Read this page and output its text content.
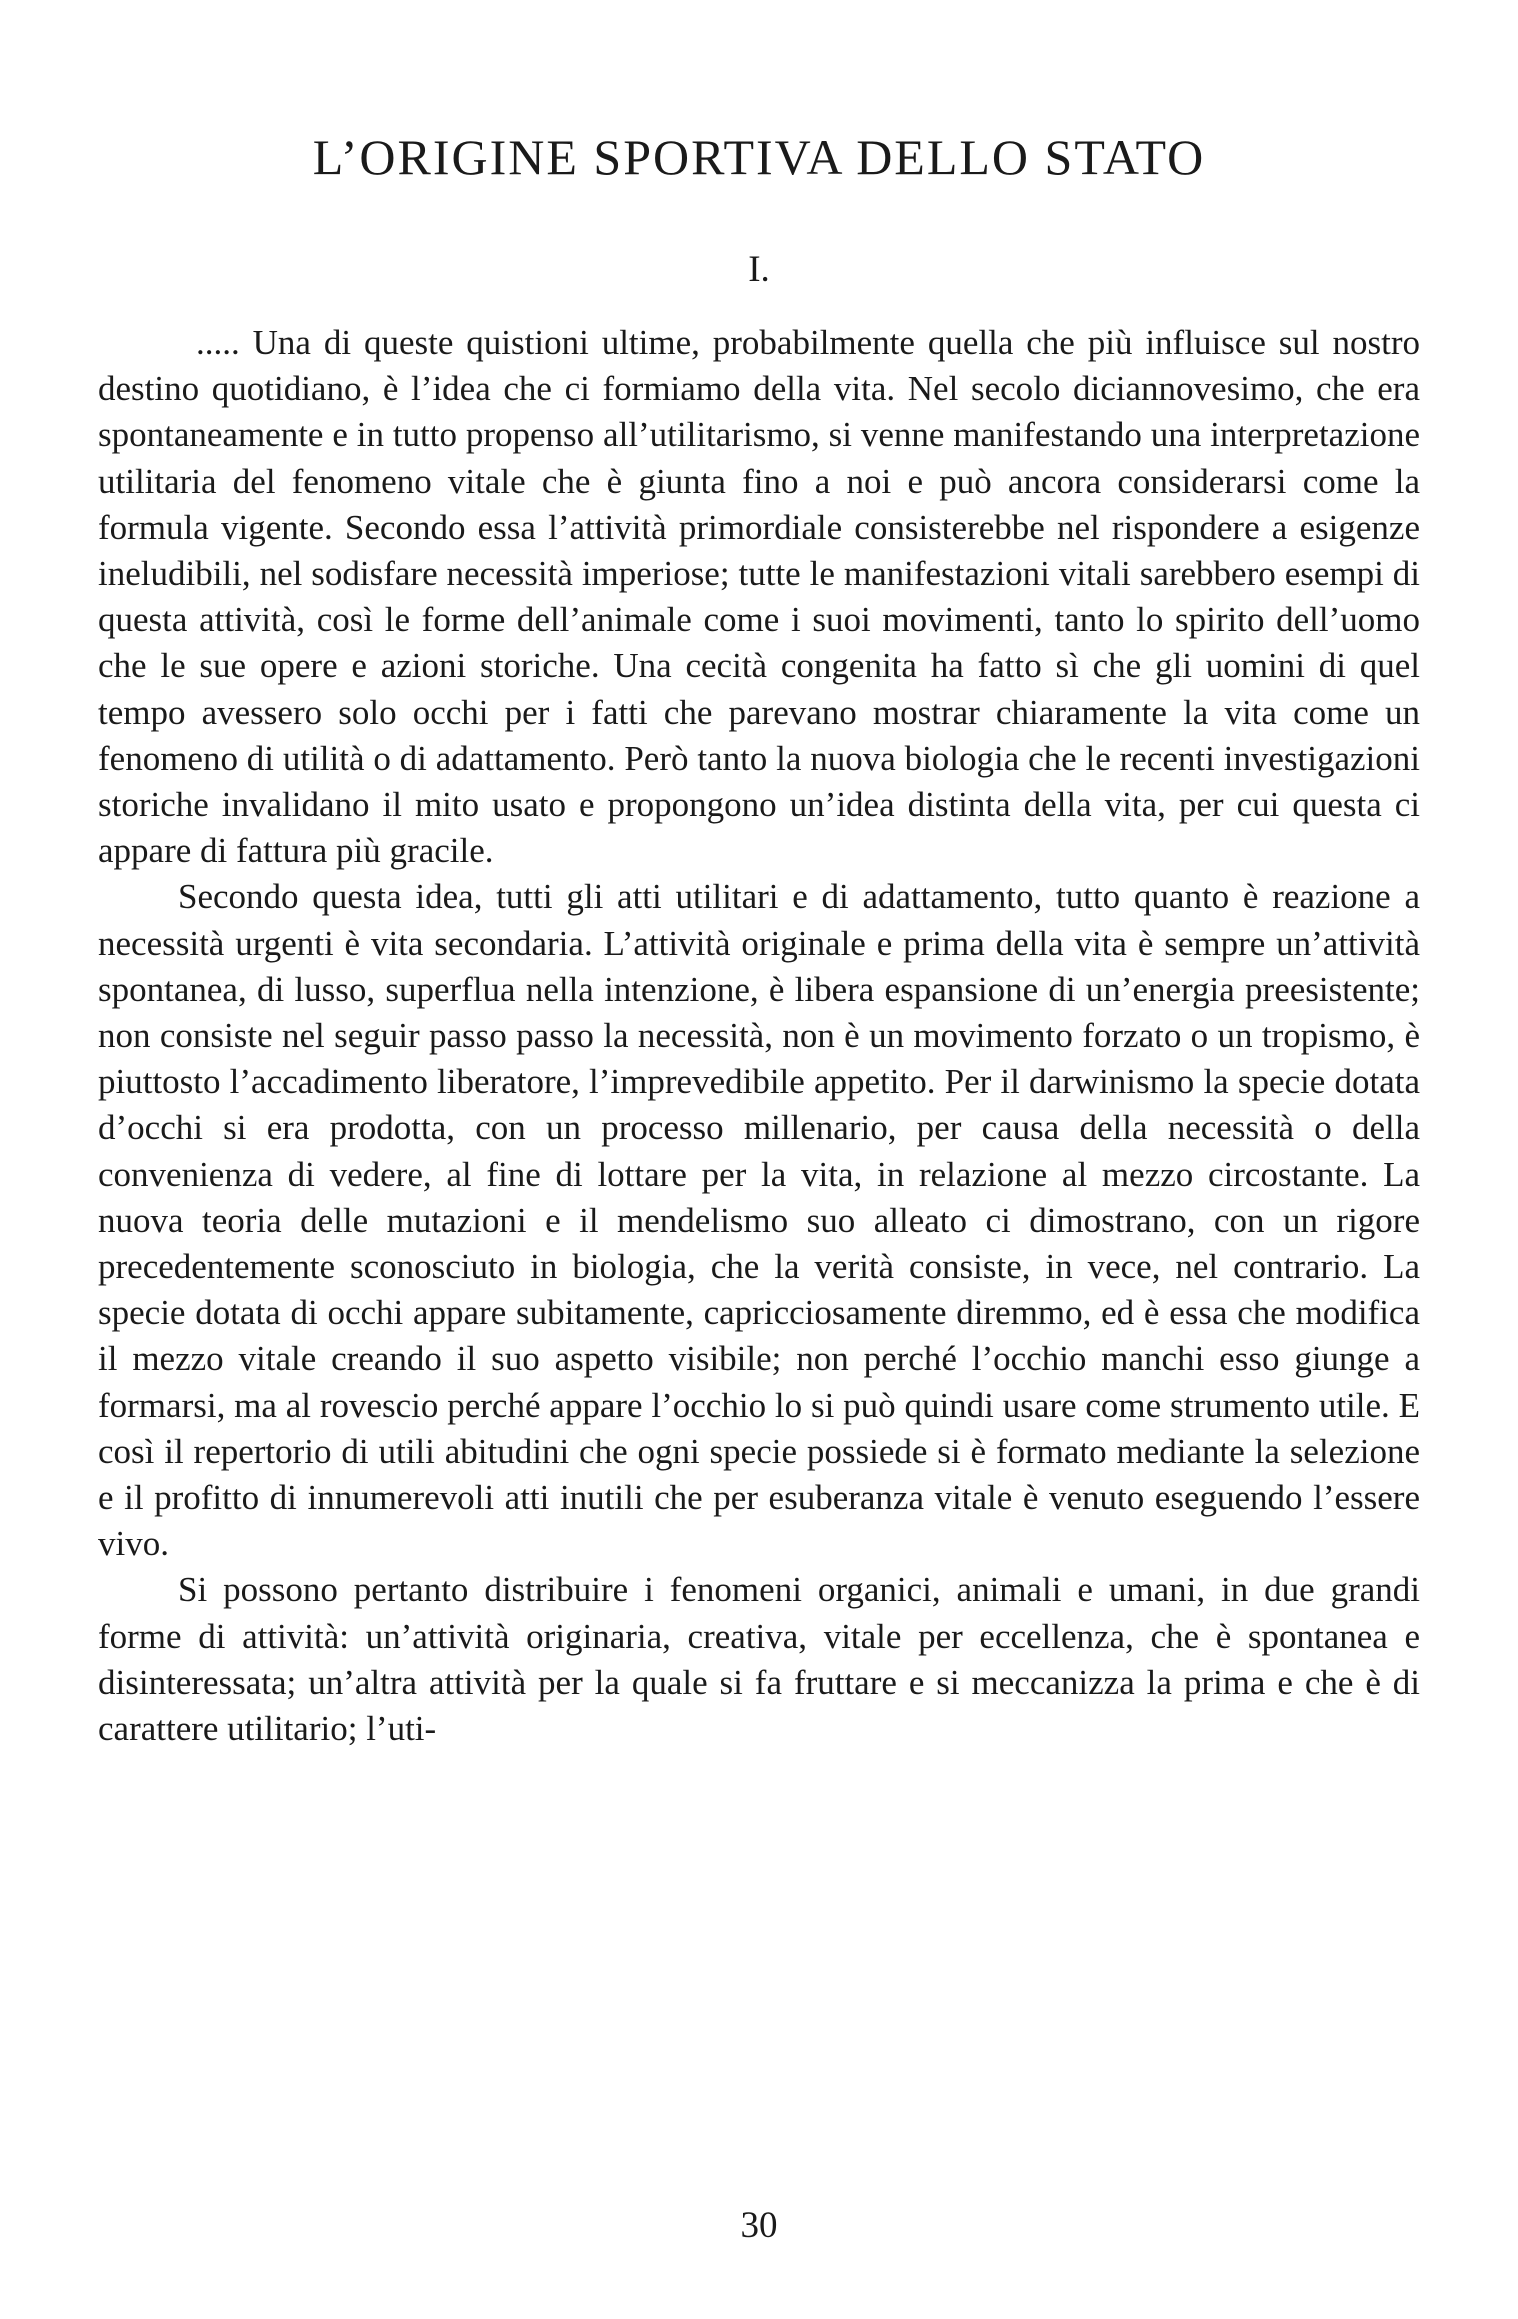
L’ORIGINE SPORTIVA DELLO STATO
I.

..... Una di queste quistioni ultime, probabilmente quella che più influisce sul nostro destino quotidiano, è l’idea che ci formiamo della vita. Nel secolo diciannovesimo, che era spontaneamente e in tutto propenso all’utilitarismo, si venne manifestando una interpretazione utilitaria del fenomeno vitale che è giunta fino a noi e può ancora considerarsi come la formula vigente. Secondo essa l’attività primordiale consisterebbe nel rispondere a esigenze ineludibili, nel sodisfare necessità imperiose; tutte le manifestazioni vitali sarebbero esempi di questa attività, così le forme dell’animale come i suoi movimenti, tanto lo spirito dell’uomo che le sue opere e azioni storiche. Una cecità congenita ha fatto sì che gli uomini di quel tempo avessero solo occhi per i fatti che parevano mostrar chiaramente la vita come un fenomeno di utilità o di adattamento. Però tanto la nuova biologia che le recenti investigazioni storiche invalidano il mito usato e propongono un’idea distinta della vita, per cui questa ci appare di fattura più gracile.

Secondo questa idea, tutti gli atti utilitari e di adattamento, tutto quanto è reazione a necessità urgenti è vita secondaria. L’attività originale e prima della vita è sempre un’attività spontanea, di lusso, superflua nella intenzione, è libera espansione di un’energia preesistente; non consiste nel seguir passo passo la necessità, non è un movimento forzato o un tropismo, è piuttosto l’accadimento liberatore, l’imprevedibile appetito. Per il darwinismo la specie dotata d’occhi si era prodotta, con un processo millenario, per causa della necessità o della convenienza di vedere, al fine di lottare per la vita, in relazione al mezzo circostante. La nuova teoria delle mutazioni e il mendelismo suo alleato ci dimostrano, con un rigore precedentemente sconosciuto in biologia, che la verità consiste, in vece, nel contrario. La specie dotata di occhi appare subitamente, capricciosamente diremmo, ed è essa che modifica il mezzo vitale creando il suo aspetto visibile; non perché l’occhio manchi esso giunge a formarsi, ma al rovescio perché appare l’occhio lo si può quindi usare come strumento utile. E così il repertorio di utili abitudini che ogni specie possiede si è formato mediante la selezione e il profitto di innumerevoli atti inutili che per esuberanza vitale è venuto eseguendo l’essere vivo.

Si possono pertanto distribuire i fenomeni organici, animali e umani, in due grandi forme di attività: un’attività originaria, creativa, vitale per eccellenza, che è spontanea e disinteressata; un’altra attività per la quale si fa fruttare e si meccanizza la prima e che è di carattere utilitario; l’uti-

30
